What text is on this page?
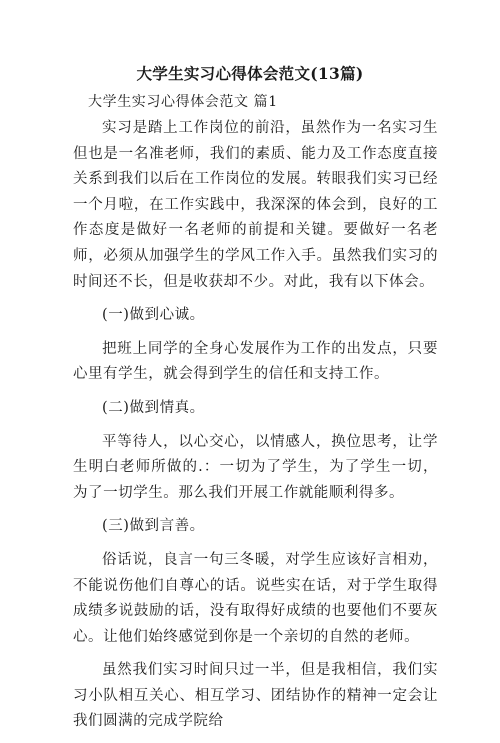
大学生实习心得体会范文(13篇)
大学生实习心得体会范文 篇1

实习是踏上工作岗位的前沿，虽然作为一名实习生但也是一名准老师，我们的素质、能力及工作态度直接关系到我们以后在工作岗位的发展。转眼我们实习已经一个月啦，在工作实践中，我深深的体会到，良好的工作态度是做好一名老师的前提和关键。要做好一名老师，必须从加强学生的学风工作入手。虽然我们实习的时间还不长，但是收获却不少。对此，我有以下体会。

(一)做到心诚。

把班上同学的全身心发展作为工作的出发点，只要心里有学生，就会得到学生的信任和支持工作。

(二)做到情真。

平等待人，以心交心，以情感人，换位思考，让学生明白老师所做的.：一切为了学生，为了学生一切，为了一切学生。那么我们开展工作就能顺利得多。

(三)做到言善。

俗话说，良言一句三冬暖，对学生应该好言相劝，不能说伤他们自尊心的话。说些实在话，对于学生取得成绩多说鼓励的话，没有取得好成绩的也要他们不要灰心。让他们始终感觉到你是一个亲切的自然的老师。

虽然我们实习时间只过一半，但是我相信，我们实习小队相互关心、相互学习、团结协作的精神一定会让我们圆满的完成学院给
